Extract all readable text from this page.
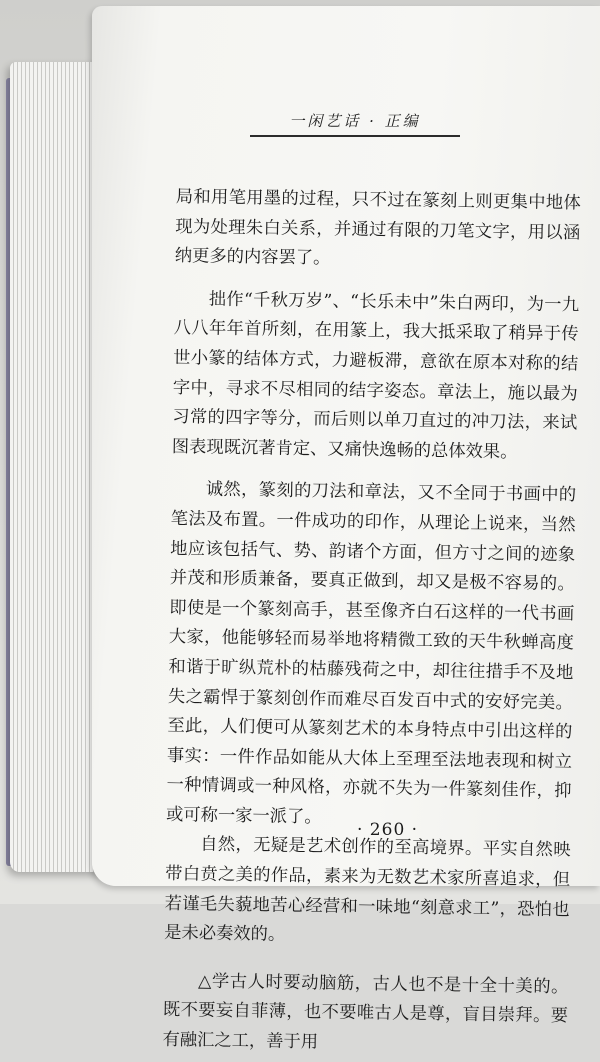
一闲艺话 · 正编

局和用笔用墨的过程，只不过在篆刻上则更集中地体现为处理朱白关系，并通过有限的刀笔文字，用以涵纳更多的内容罢了。

拙作“千秋万岁”、“长乐未中”朱白两印，为一九八八年年首所刻，在用篆上，我大抵采取了稍异于传世小篆的结体方式，力避板滞，意欲在原本对称的结字中，寻求不尽相同的结字姿态。章法上，施以最为习常的四字等分，而后则以单刀直过的冲刀法，来试图表现既沉著肯定、又痛快逸畅的总体效果。

诚然，篆刻的刀法和章法，又不全同于书画中的笔法及布置。一件成功的印作，从理论上说来，当然地应该包括气、势、韵诸个方面，但方寸之间的迹象并茂和形质兼备，要真正做到，却又是极不容易的。即使是一个篆刻高手，甚至像齐白石这样的一代书画大家，他能够轻而易举地将精微工致的天牛秋蝉高度和谐于旷纵荒朴的枯藤残荷之中，却往往措手不及地失之霸悍于篆刻创作而难尽百发百中式的安妤完美。至此，人们便可从篆刻艺术的本身特点中引出这样的事实：一件作品如能从大体上至理至法地表现和树立一种情调或一种风格，亦就不失为一件篆刻佳作，抑或可称一家一派了。

自然，无疑是艺术创作的至高境界。平实自然映带白贲之美的作品，素来为无数艺术家所喜追求，但若谨毛失藐地苦心经营和一味地“刻意求工”，恐怕也是未必奏效的。

△学古人时要动脑筋，古人也不是十全十美的。既不要妄自菲薄，也不要唯古人是尊，盲目崇拜。要有融汇之工，善于用

· 260 ·
